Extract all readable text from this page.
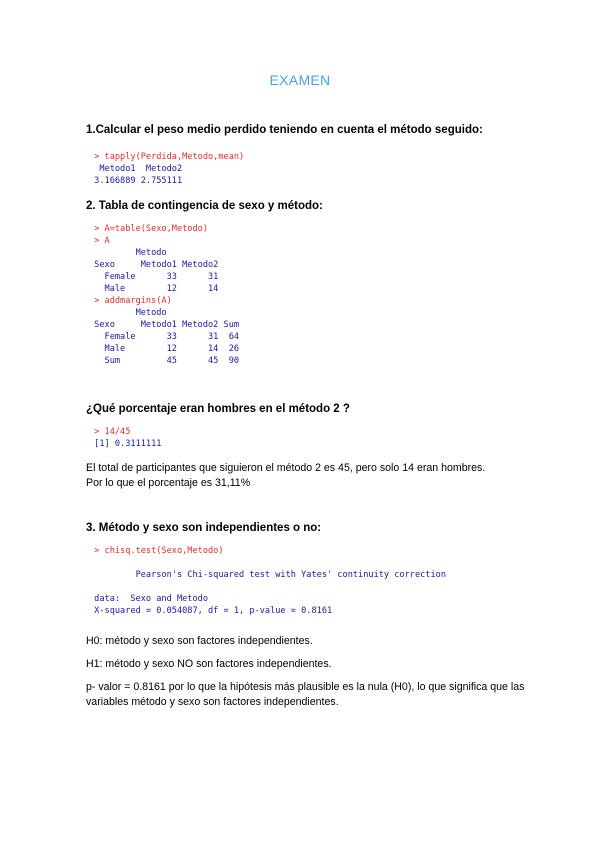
EXAMEN
1.Calcular el peso medio perdido teniendo en cuenta el método seguido:
> tapply(Perdida,Metodo,mean)
Metodo1  Metodo2
3.166889 2.755111
2. Tabla de contingencia de sexo y método:
> A=table(Sexo,Metodo)
> A
Metodo
Sexo     Metodo1 Metodo2
Female      33      31
Male        12      14
> addmargins(A)
Metodo
Sexo     Metodo1 Metodo2 Sum
Female      33      31  64
Male        12      14  26
Sum         45      45  90
¿Qué porcentaje eran hombres en el método 2 ?
> 14/45
[1] 0.3111111
El total de participantes que siguieron el método 2 es 45, pero solo 14 eran hombres.
Por lo que el porcentaje es 31,11%
3. Método y sexo son independientes o no:
> chisq.test(Sexo,Metodo)

Pearson's Chi-squared test with Yates' continuity correction

data:  Sexo and Metodo
X-squared = 0.054087, df = 1, p-value = 0.8161
H0: método y sexo son factores independientes.
H1: método y sexo NO son factores independientes.
p- valor = 0.8161 por lo que la hipótesis más plausible es la nula (H0), lo que significa que las variables método y sexo son factores independientes.
